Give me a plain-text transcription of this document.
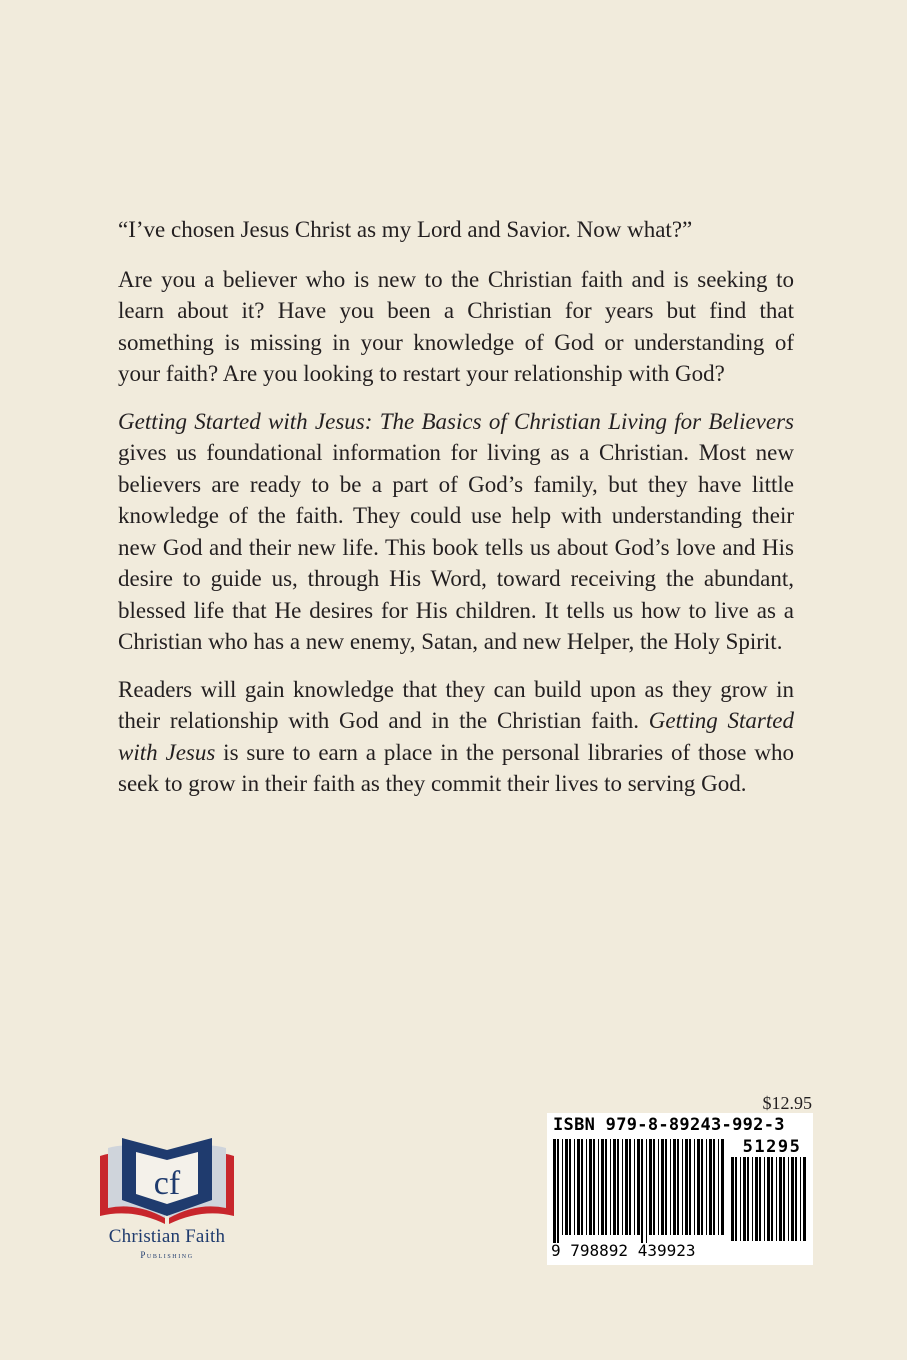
“I’ve chosen Jesus Christ as my Lord and Savior. Now what?”

Are you a believer who is new to the Christian faith and is seeking to learn about it? Have you been a Christian for years but find that something is missing in your knowledge of God or understanding of your faith? Are you looking to restart your relationship with God?

Getting Started with Jesus: The Basics of Christian Living for Believers gives us foundational information for living as a Christian. Most new believers are ready to be a part of God’s family, but they have little knowledge of the faith. They could use help with understanding their new God and their new life. This book tells us about God’s love and His desire to guide us, through His Word, toward receiving the abundant, blessed life that He desires for His children. It tells us how to live as a Christian who has a new enemy, Satan, and new Helper, the Holy Spirit.

Readers will gain knowledge that they can build upon as they grow in their relationship with God and in the Christian faith. Getting Started with Jesus is sure to earn a place in the personal libraries of those who seek to grow in their faith as they commit their lives to serving God.

cf
Christian Faith
Publishing
$12.95
ISBN 979-8-89243-992-3
51295
9 798892 439923
